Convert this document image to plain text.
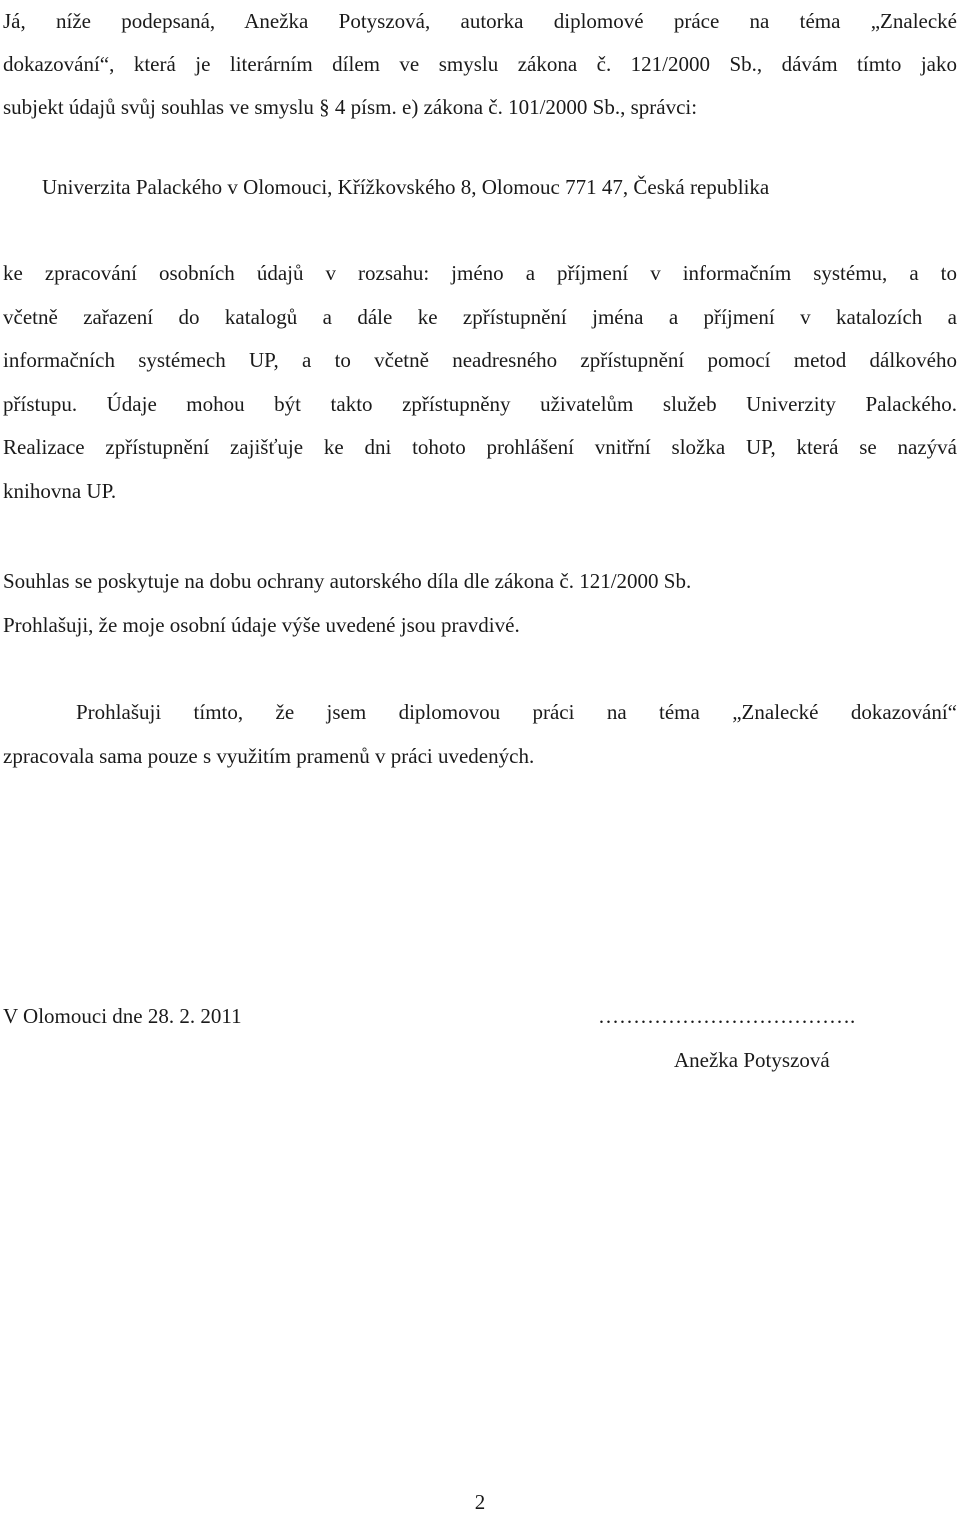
Já, níže podepsaná, Anežka Potyszová, autorka diplomové práce na téma „Znalecké
dokazování“, která je literárním dílem ve smyslu zákona č. 121/2000 Sb., dávám tímto jako
subjekt údajů svůj souhlas ve smyslu § 4 písm. e) zákona č. 101/2000 Sb., správci:
Univerzita Palackého v Olomouci, Křížkovského 8, Olomouc 771 47, Česká republika
ke zpracování osobních údajů v rozsahu: jméno a příjmení v informačním systému, a to
včetně zařazení do katalogů a dále ke zpřístupnění jména a příjmení v katalozích a
informačních systémech UP, a to včetně neadresného zpřístupnění pomocí metod dálkového
přístupu. Údaje mohou být takto zpřístupněny uživatelům služeb Univerzity Palackého.
Realizace zpřístupnění zajišťuje ke dni tohoto prohlášení vnitřní složka UP, která se nazývá
knihovna UP.
Souhlas se poskytuje na dobu ochrany autorského díla dle zákona č. 121/2000 Sb.
Prohlašuji, že moje osobní údaje výše uvedené jsou pravdivé.
Prohlašuji tímto, že jsem diplomovou práci na téma „Znalecké dokazování“
zpracovala sama pouze s využitím pramenů v práci uvedených.
V Olomouci dne 28. 2. 2011	……………………………….
Anežka Potyszová
2
